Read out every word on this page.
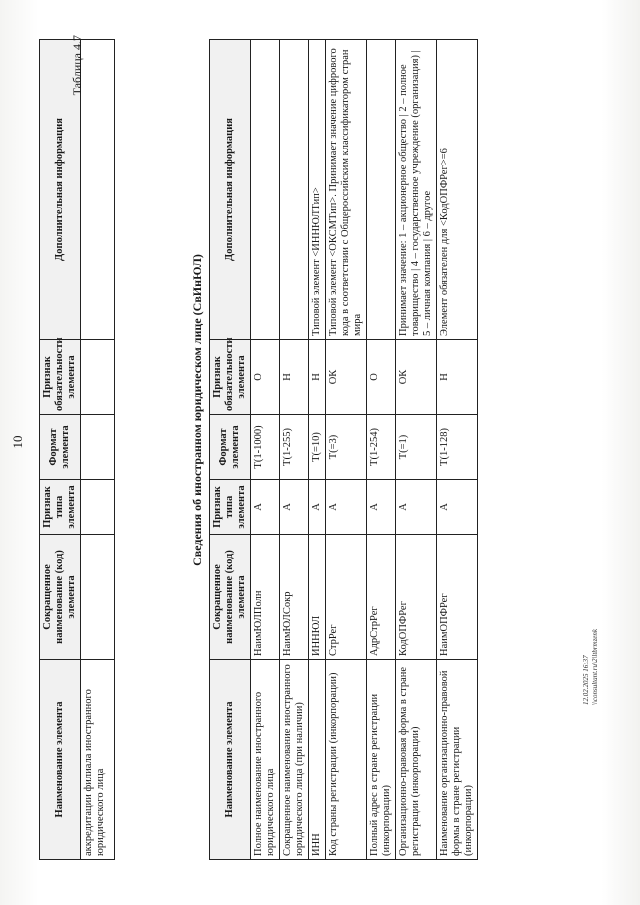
10
Наименование элемента	Сокращенное наименование (код) элемента	Признак типа элемента	Формат элемента	Признак обязательности элемента	Дополнительная информация
аккредитации филиала иностранного юридического лица					
Таблица 4.7
Сведения об иностранном юридическом лице (СвИнЮЛ)
Наименование элемента	Сокращенное наименование (код) элемента	Признак типа элемента	Формат элемента	Признак обязательности элемента	Дополнительная информация
Полное наименование иностранного юридического лица	НаимЮЛПолн	А	T(1-1000)	О	
Сокращенное наименование иностранного юридического лица (при наличии)	НаимЮЛСокр	А	T(1-255)	Н	
ИНН	ИННЮЛ	А	T(=10)	Н	Типовой элемент <ИННЮЛТип>
Код страны регистрации (инкорпорации)	СтрРег	А	T(=3)	ОК	Типовой элемент <ОКСМТип>. Принимает значение цифрового кода в соответствии с Общероссийским классификатором стран мира
Полный адрес в стране регистрации (инкорпорации)	АдрСтрРег	А	T(1-254)	О	
Организационно-правовая форма в стране регистрации (инкорпорации)	КодОПФРег	А	T(=1)	ОК	Принимает значение: 1 – акционерное общество | 2 – полное товарищество | 4 – государственное учреждение (организация) | 5 – личная компания | 6 – другое
Наименование организационно-правовой формы в стране регистрации (инкорпорации)	НаимОПФРег	А	T(1-128)	Н	Элемент обязателен для <КодОПФРег>=6
12.02.2025 16:37 \\consultant.ru\2\ltbrmzenk
